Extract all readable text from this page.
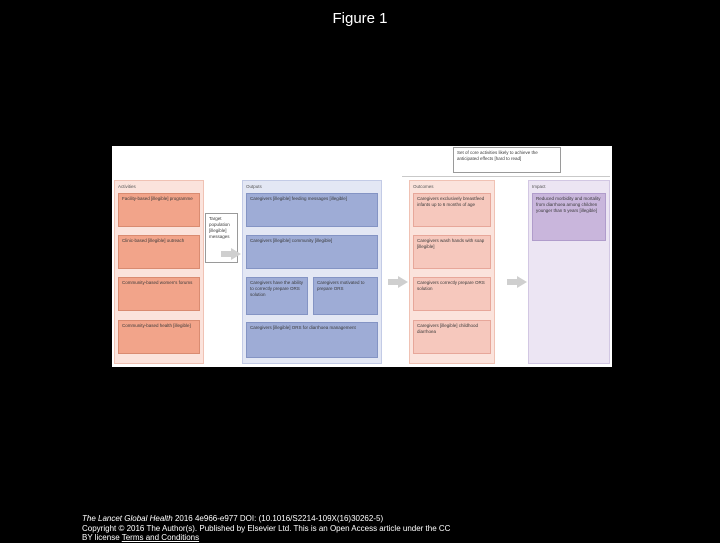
Figure 1
Set of core activities likely to achieve the anticipated effects [hard to read]
Activities
Facility-based [illegible] programme
Clinic-based [illegible] outreach
Community-based women's forums
Community-based health [illegible]
Target population [illegible] messages
Outputs
Caregivers [illegible] feeding messages [illegible]
Caregivers [illegible] community [illegible]
Caregivers have the ability to correctly prepare ORS solution
Caregivers motivated to prepare ORS
Caregivers [illegible] ORS for diarrhoea management
Outcomes
Caregivers exclusively breastfeed infants up to 6 months of age
Caregivers wash hands with soap [illegible]
Caregivers correctly prepare ORS solution
Caregivers [illegible] childhood diarrhoea
Impact
Reduced morbidity and mortality from diarrhoea among children younger than 5 years [illegible]
The Lancet Global Health 2016 4e966-e977 DOI: (10.1016/S2214-109X(16)30262-5)
Copyright © 2016 The Author(s). Published by Elsevier Ltd. This is an Open Access article under the CC
BY license Terms and Conditions
